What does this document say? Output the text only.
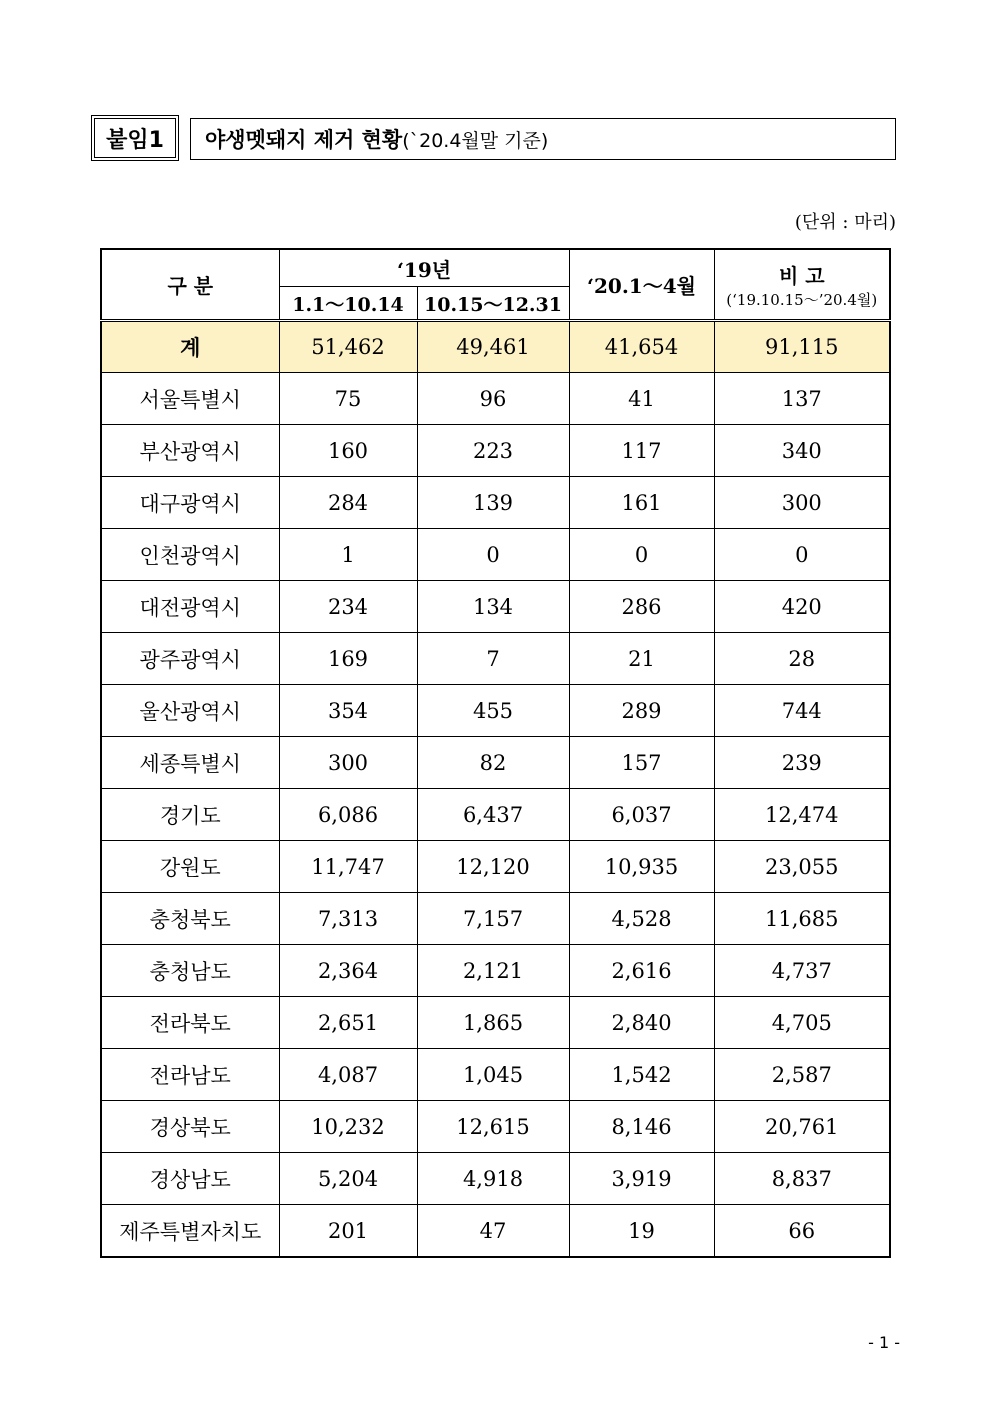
붙임1	야생멧돼지 제거 현황 (`20.4월말 기준)
(단위 : 마리)
구 분	‘19년		‘20.1～4월	비 고
(‘19.10.15～’20.4월)

	1.1～10.14	10.15～12.31		
계	51,462	49,461	41,654	91,115
서울특별시	75	96	41	137
부산광역시	160	223	117	340
대구광역시	284	139	161	300
인천광역시	1	0	0	0
대전광역시	234	134	286	420
광주광역시	169	7	21	28
울산광역시	354	455	289	744
세종특별시	300	82	157	239
경기도	6,086	6,437	6,037	12,474
강원도	11,747	12,120	10,935	23,055
충청북도	7,313	7,157	4,528	11,685
충청남도	2,364	2,121	2,616	4,737
전라북도	2,651	1,865	2,840	4,705
전라남도	4,087	1,045	1,542	2,587
경상북도	10,232	12,615	8,146	20,761
경상남도	5,204	4,918	3,919	8,837
제주특별자치도	201	47	19	66
- 1 -
